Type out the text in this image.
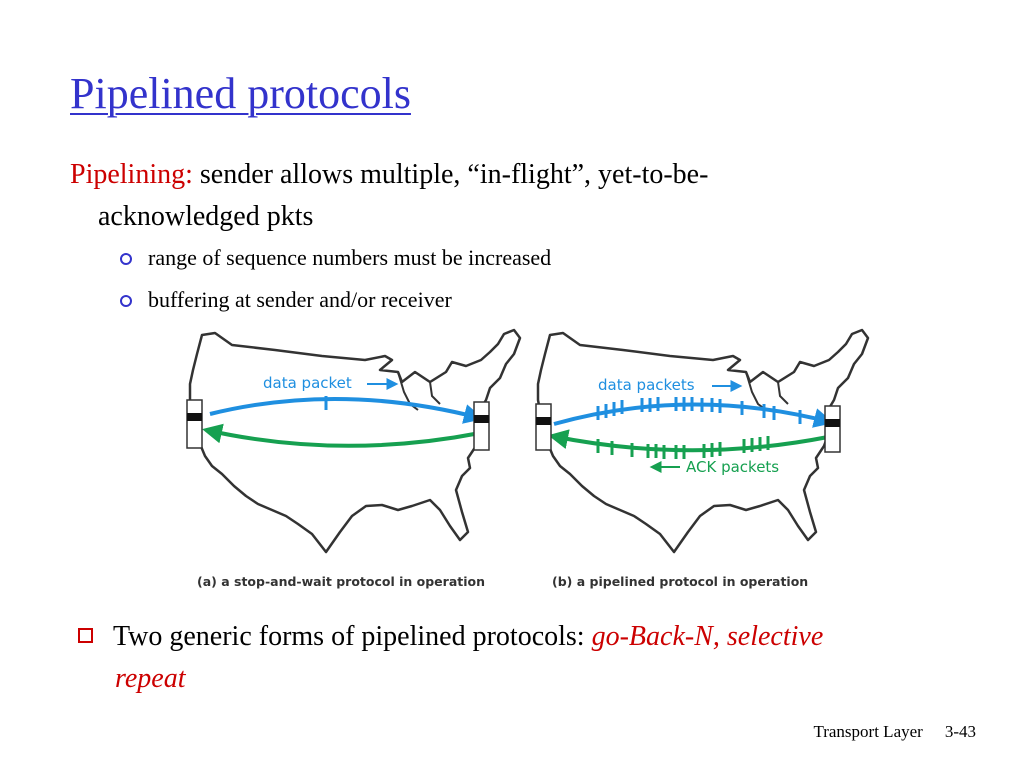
Pipelined protocols
Pipelining: sender allows multiple, “in-flight”, yet-to-be-
acknowledged pkts
range of sequence numbers must be increased
buffering at sender and/or receiver
data packet
(a) a stop-and-wait protocol in operation
data packets
ACK packets
(b) a pipelined protocol in operation
Two generic forms of pipelined protocols: go-Back-N, selective
repeat
Transport Layer 3-43
